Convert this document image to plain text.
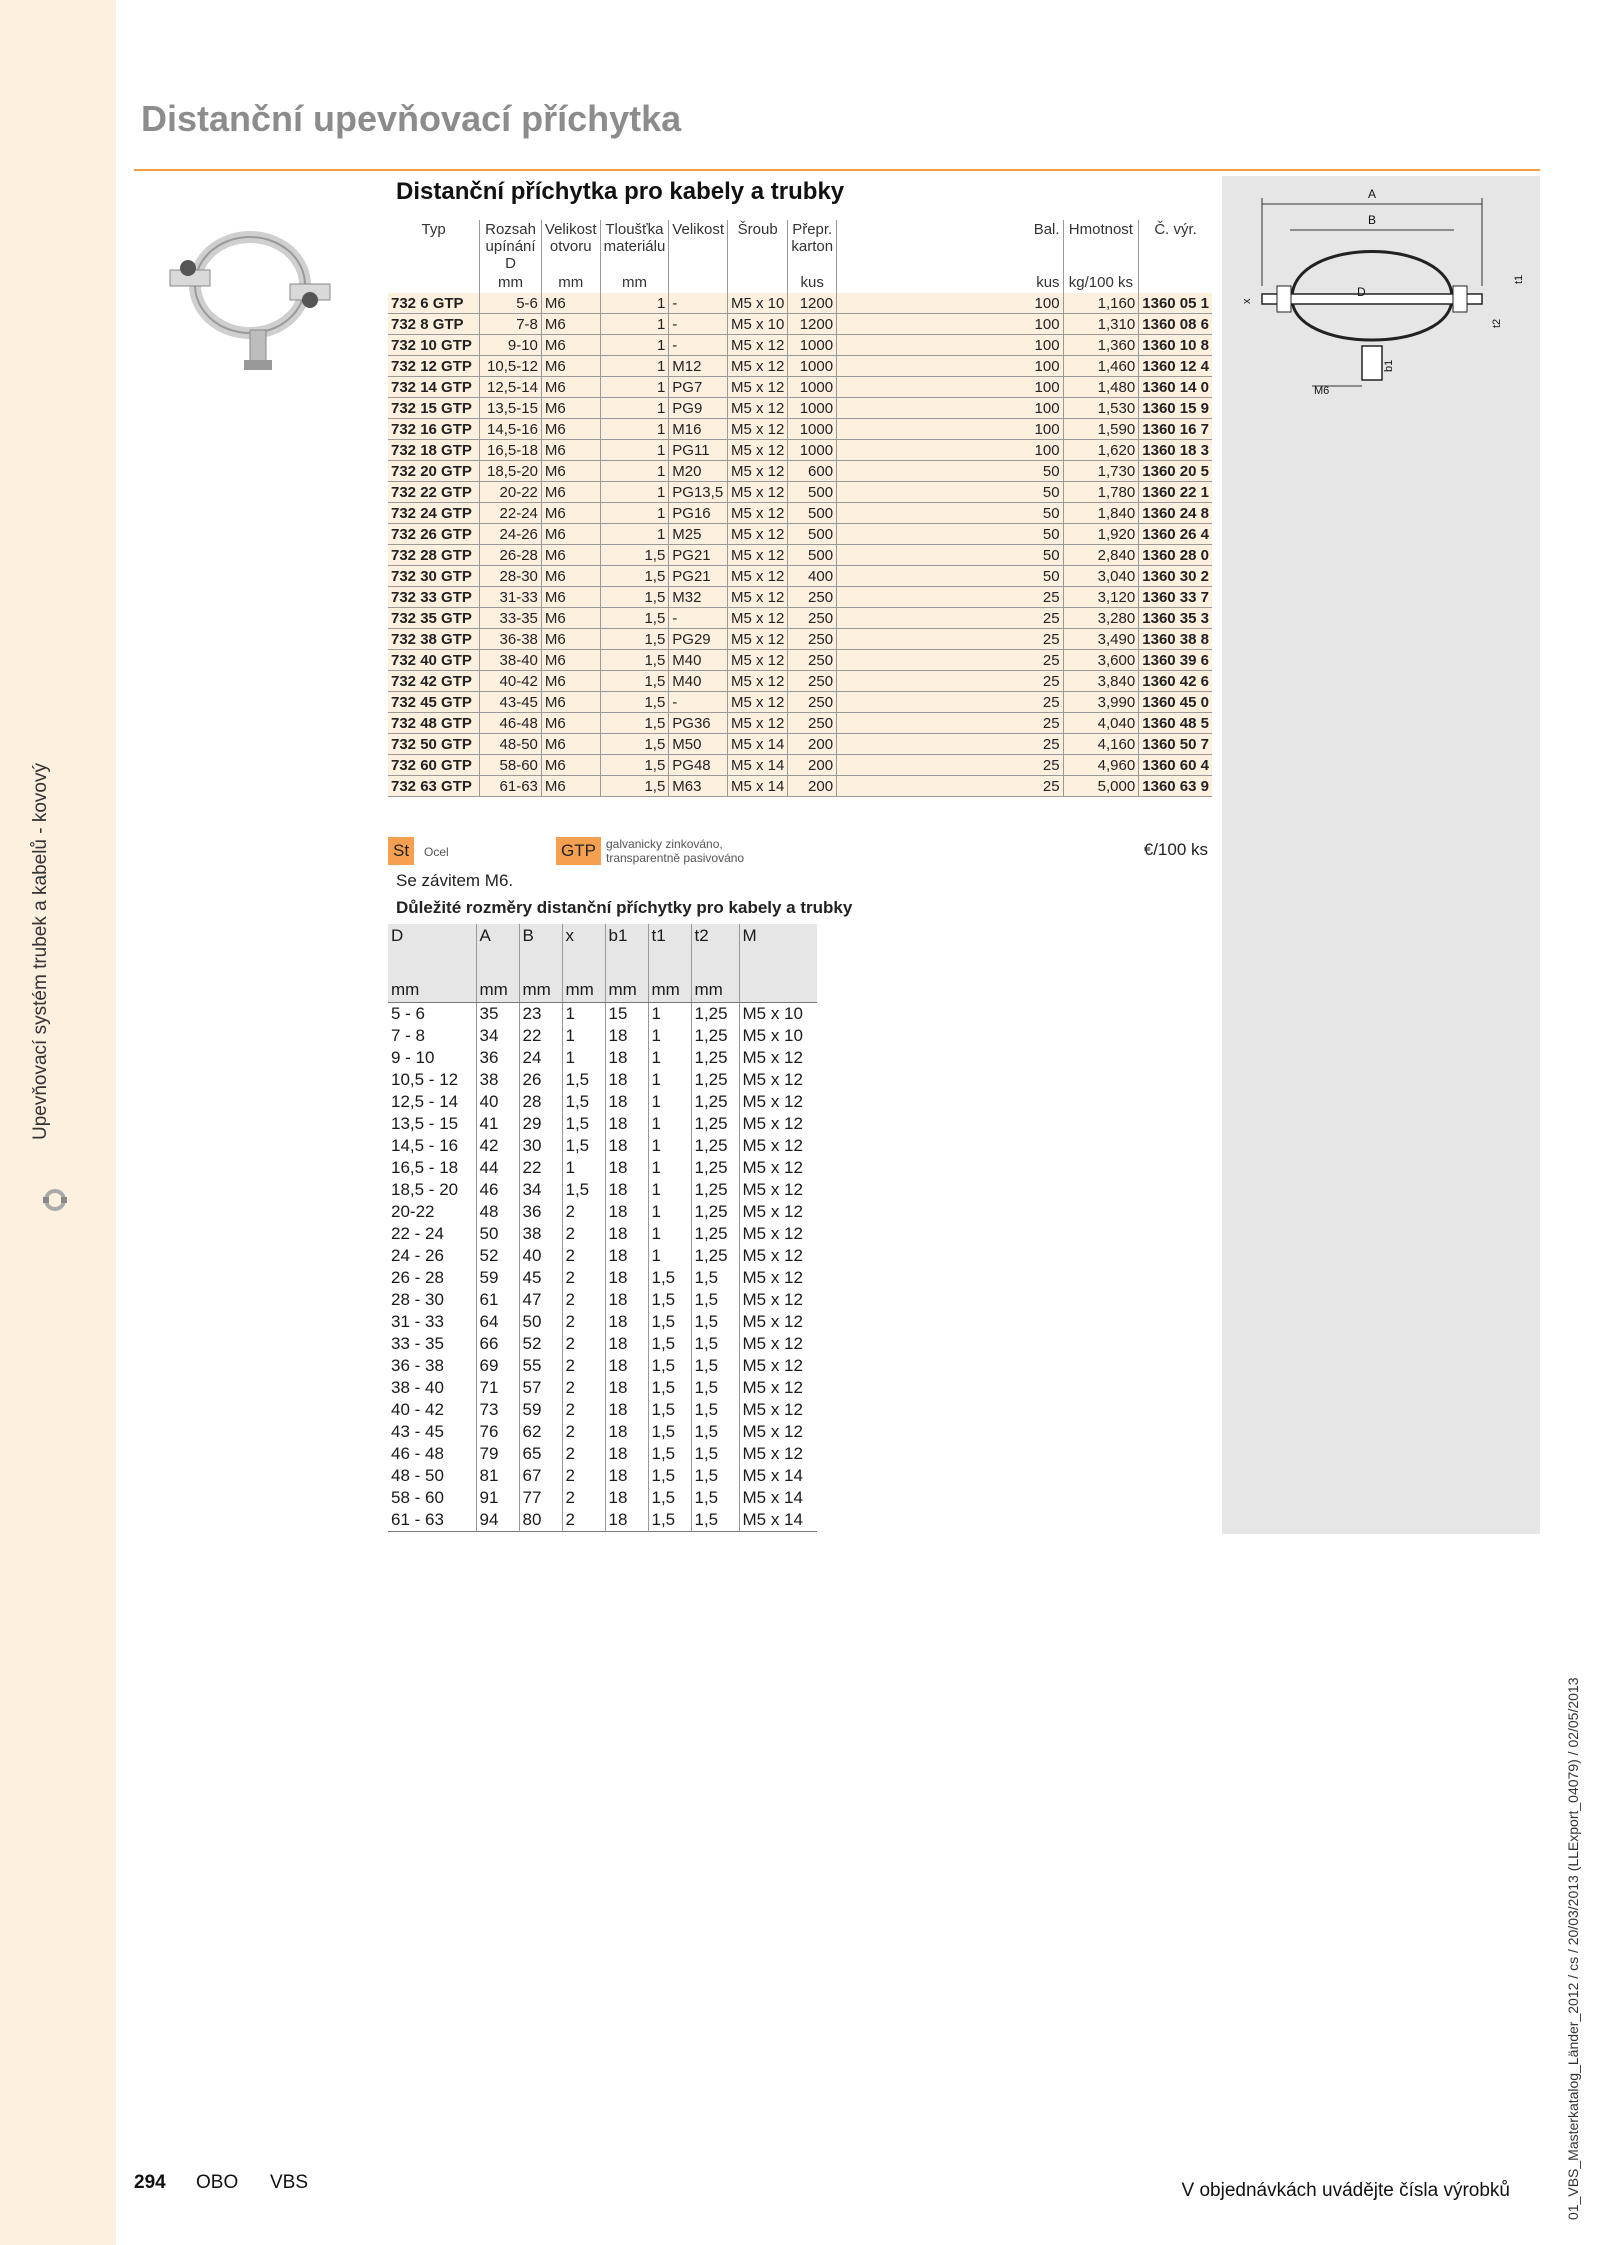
Upevňovací systém trubek a kabelů - kovový
Distanční upevňovací příchytka
A
B
D
x
t1
t2
b1
M6
Distanční příchytka pro kabely a trubky
Typ	Rozsah upínání D	Velikost otvoru	Tloušťka materiálu	Velikost	Šroub	Přepr. karton	Bal.	Hmotnost	Č. výr.
	mm	mm	mm			kus	kus	kg/100 ks	
732 6 GTP	5-6	M6	1	-	M5 x 10	1200	100	1,160	1360 05 1
732 8 GTP	7-8	M6	1	-	M5 x 10	1200	100	1,310	1360 08 6
732 10 GTP	9-10	M6	1	-	M5 x 12	1000	100	1,360	1360 10 8
732 12 GTP	10,5-12	M6	1	M12	M5 x 12	1000	100	1,460	1360 12 4
732 14 GTP	12,5-14	M6	1	PG7	M5 x 12	1000	100	1,480	1360 14 0
732 15 GTP	13,5-15	M6	1	PG9	M5 x 12	1000	100	1,530	1360 15 9
732 16 GTP	14,5-16	M6	1	M16	M5 x 12	1000	100	1,590	1360 16 7
732 18 GTP	16,5-18	M6	1	PG11	M5 x 12	1000	100	1,620	1360 18 3
732 20 GTP	18,5-20	M6	1	M20	M5 x 12	600	50	1,730	1360 20 5
732 22 GTP	20-22	M6	1	PG13,5	M5 x 12	500	50	1,780	1360 22 1
732 24 GTP	22-24	M6	1	PG16	M5 x 12	500	50	1,840	1360 24 8
732 26 GTP	24-26	M6	1	M25	M5 x 12	500	50	1,920	1360 26 4
732 28 GTP	26-28	M6	1,5	PG21	M5 x 12	500	50	2,840	1360 28 0
732 30 GTP	28-30	M6	1,5	PG21	M5 x 12	400	50	3,040	1360 30 2
732 33 GTP	31-33	M6	1,5	M32	M5 x 12	250	25	3,120	1360 33 7
732 35 GTP	33-35	M6	1,5	-	M5 x 12	250	25	3,280	1360 35 3
732 38 GTP	36-38	M6	1,5	PG29	M5 x 12	250	25	3,490	1360 38 8
732 40 GTP	38-40	M6	1,5	M40	M5 x 12	250	25	3,600	1360 39 6
732 42 GTP	40-42	M6	1,5	M40	M5 x 12	250	25	3,840	1360 42 6
732 45 GTP	43-45	M6	1,5	-	M5 x 12	250	25	3,990	1360 45 0
732 48 GTP	46-48	M6	1,5	PG36	M5 x 12	250	25	4,040	1360 48 5
732 50 GTP	48-50	M6	1,5	M50	M5 x 14	200	25	4,160	1360 50 7
732 60 GTP	58-60	M6	1,5	PG48	M5 x 14	200	25	4,960	1360 60 4
732 63 GTP	61-63	M6	1,5	M63	M5 x 14	200	25	5,000	1360 63 9
St	Ocel	GTP galvanicky zinkováno,
transparentně pasivováno	€/100 ks
Se závitem M6.
Důležité rozměry distanční příchytky pro kabely a trubky
D	A	B	x	b1	t1	t2	M
mm	mm	mm	mm	mm	mm	mm	
5 - 6	35	23	1	15	1	1,25	M5 x 10
7 - 8	34	22	1	18	1	1,25	M5 x 10
9 - 10	36	24	1	18	1	1,25	M5 x 12
10,5 - 12	38	26	1,5	18	1	1,25	M5 x 12
12,5 - 14	40	28	1,5	18	1	1,25	M5 x 12
13,5 - 15	41	29	1,5	18	1	1,25	M5 x 12
14,5 - 16	42	30	1,5	18	1	1,25	M5 x 12
16,5 - 18	44	22	1	18	1	1,25	M5 x 12
18,5 - 20	46	34	1,5	18	1	1,25	M5 x 12
20-22	48	36	2	18	1	1,25	M5 x 12
22 - 24	50	38	2	18	1	1,25	M5 x 12
24 - 26	52	40	2	18	1	1,25	M5 x 12
26 - 28	59	45	2	18	1,5	1,5	M5 x 12
28 - 30	61	47	2	18	1,5	1,5	M5 x 12
31 - 33	64	50	2	18	1,5	1,5	M5 x 12
33 - 35	66	52	2	18	1,5	1,5	M5 x 12
36 - 38	69	55	2	18	1,5	1,5	M5 x 12
38 - 40	71	57	2	18	1,5	1,5	M5 x 12
40 - 42	73	59	2	18	1,5	1,5	M5 x 12
43 - 45	76	62	2	18	1,5	1,5	M5 x 12
46 - 48	79	65	2	18	1,5	1,5	M5 x 12
48 - 50	81	67	2	18	1,5	1,5	M5 x 14
58 - 60	91	77	2	18	1,5	1,5	M5 x 14
61 - 63	94	80	2	18	1,5	1,5	M5 x 14
294 OBO VBS	V objednávkách uvádějte čísla výrobků	01_VBS_Masterkatalog_Länder_2012 / cs / 20/03/2013 (LLExport_04079) / 02/05/2013
